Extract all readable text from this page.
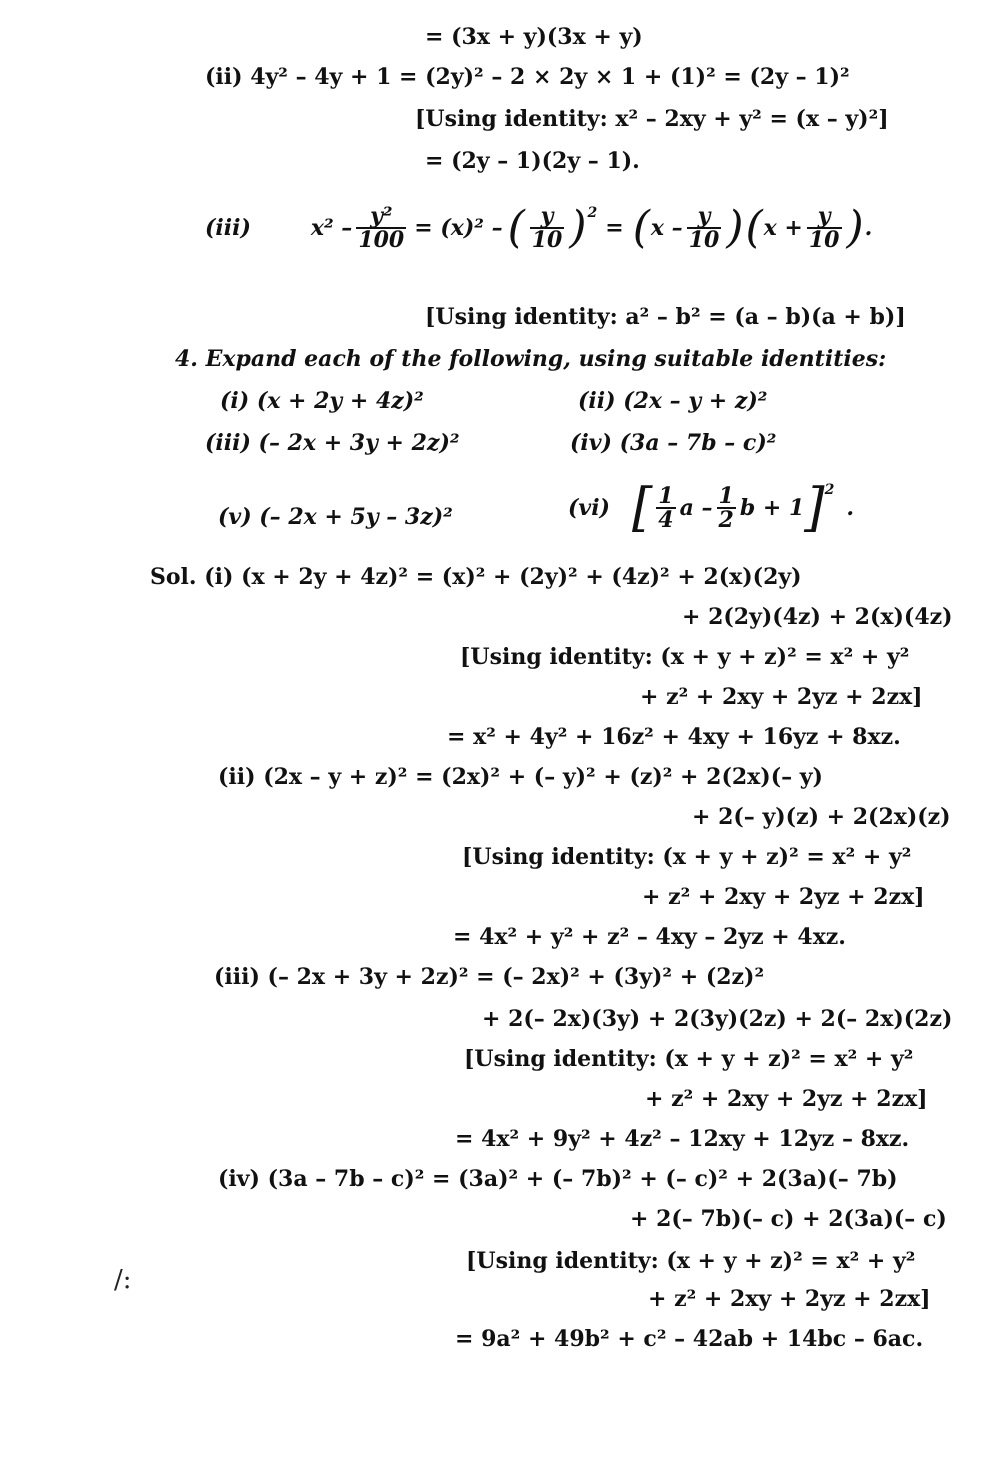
= (3x + y)(3x + y)
(ii) 4y² – 4y + 1 = (2y)² – 2 × 2y × 1 + (1)² = (2y – 1)²
[Using identity: x² – 2xy + y² = (x – y)²]
= (2y – 1)(2y – 1).
(iii)	$x^2 - \frac{\text{y²}}{100} = (x)^2$ – ( $\frac{y}{10}$ ) 2
= ( x – $\frac{y}{10}$ ) ( $x + \frac{y}{10}$ ) .
[Using identity: a² – b² = (a – b)(a + b)]
4. Expand each of the following, using suitable identities:
(i) (x + 2y + 4z)²	(ii) (2x – y + z)²
(iii) (– 2x + 3y + 2z)²	(iv) (3a – 7b – c)²
(v) (– 2x + 5y – 3z)²	(vi) [ $\frac{1}{4}$ a – $\frac{1}{2}$ b + 1 ] 2
.
Sol. (i) (x + 2y + 4z)² = (x)² + (2y)² + (4z)² + 2(x)(2y)
+ 2(2y)(4z) + 2(x)(4z)
[Using identity: (x + y + z)² = x² + y²
+ z² + 2xy + 2yz + 2zx]
= x² + 4y² + 16z² + 4xy + 16yz + 8xz.
(ii) (2x – y + z)² = (2x)² + (– y)² + (z)² + 2(2x)(– y)
+ 2(– y)(z) + 2(2x)(z)
[Using identity: (x + y + z)² = x² + y²
+ z² + 2xy + 2yz + 2zx]
= 4x² + y² + z² – 4xy – 2yz + 4xz.
(iii) (– 2x + 3y + 2z)² = (– 2x)² + (3y)² + (2z)²
+ 2(– 2x)(3y) + 2(3y)(2z) + 2(– 2x)(2z)
[Using identity: (x + y + z)² = x² + y²
+ z² + 2xy + 2yz + 2zx]
= 4x² + 9y² + 4z² – 12xy + 12yz – 8xz.
(iv) (3a – 7b – c)² = (3a)² + (– 7b)² + (– c)² + 2(3a)(– 7b)
+ 2(– 7b)(– c) + 2(3a)(– c)
[Using identity: (x + y + z)² = x² + y²
+ z² + 2xy + 2yz + 2zx]
= 9a² + 49b² + c² – 42ab + 14bc – 6ac.
/:
